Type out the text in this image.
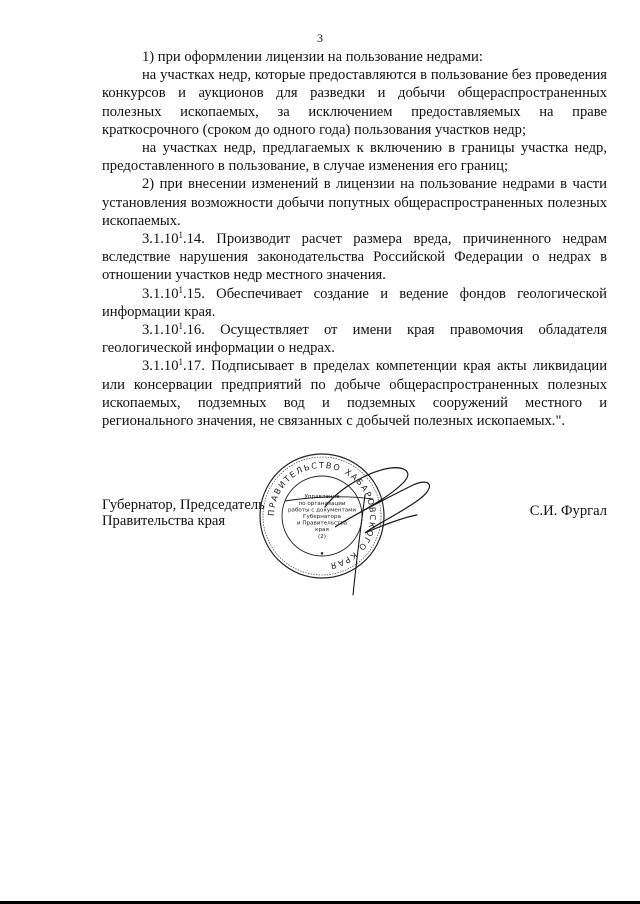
3

1) при оформлении лицензии на пользование недрами:

на участках недр, которые предоставляются в пользование без проведения конкурсов и аукционов для разведки и добычи общераспространенных полезных ископаемых, за исключением предоставляемых на праве краткосрочного (сроком до одного года) пользования участков недр;

на участках недр, предлагаемых к включению в границы участка недр, предоставленного в пользование, в случае изменения его границ;

2) при внесении изменений в лицензии на пользование недрами в части установления возможности добычи попутных общераспространенных полезных ископаемых.

3.1.10$^1$.14. Производит расчет размера вреда, причиненного недрам вследствие нарушения законодательства Российской Федерации о недрах в отношении участков недр местного значения.

3.1.10$^1$.15. Обеспечивает создание и ведение фондов геологической информации края.

3.1.10$^1$.16. Осуществляет от имени края правомочия обладателя геологической информации о недрах.

3.1.10$^1$.17. Подписывает в пределах компетенции края акты ликвидации или консервации предприятий по добыче общераспространенных полезных ископаемых, подземных вод и подземных сооружений местного и регионального значения, не связанных с добычей полезных ископаемых.".

Губернатор, Председатель
Правительства края
С.И. Фургал
ПРАВИТЕЛЬСТВО ХАБАРОВСКОГО КРАЯ
●
Управление
по организации
работы с документами
Губернатора
и Правительства
края
(2)
